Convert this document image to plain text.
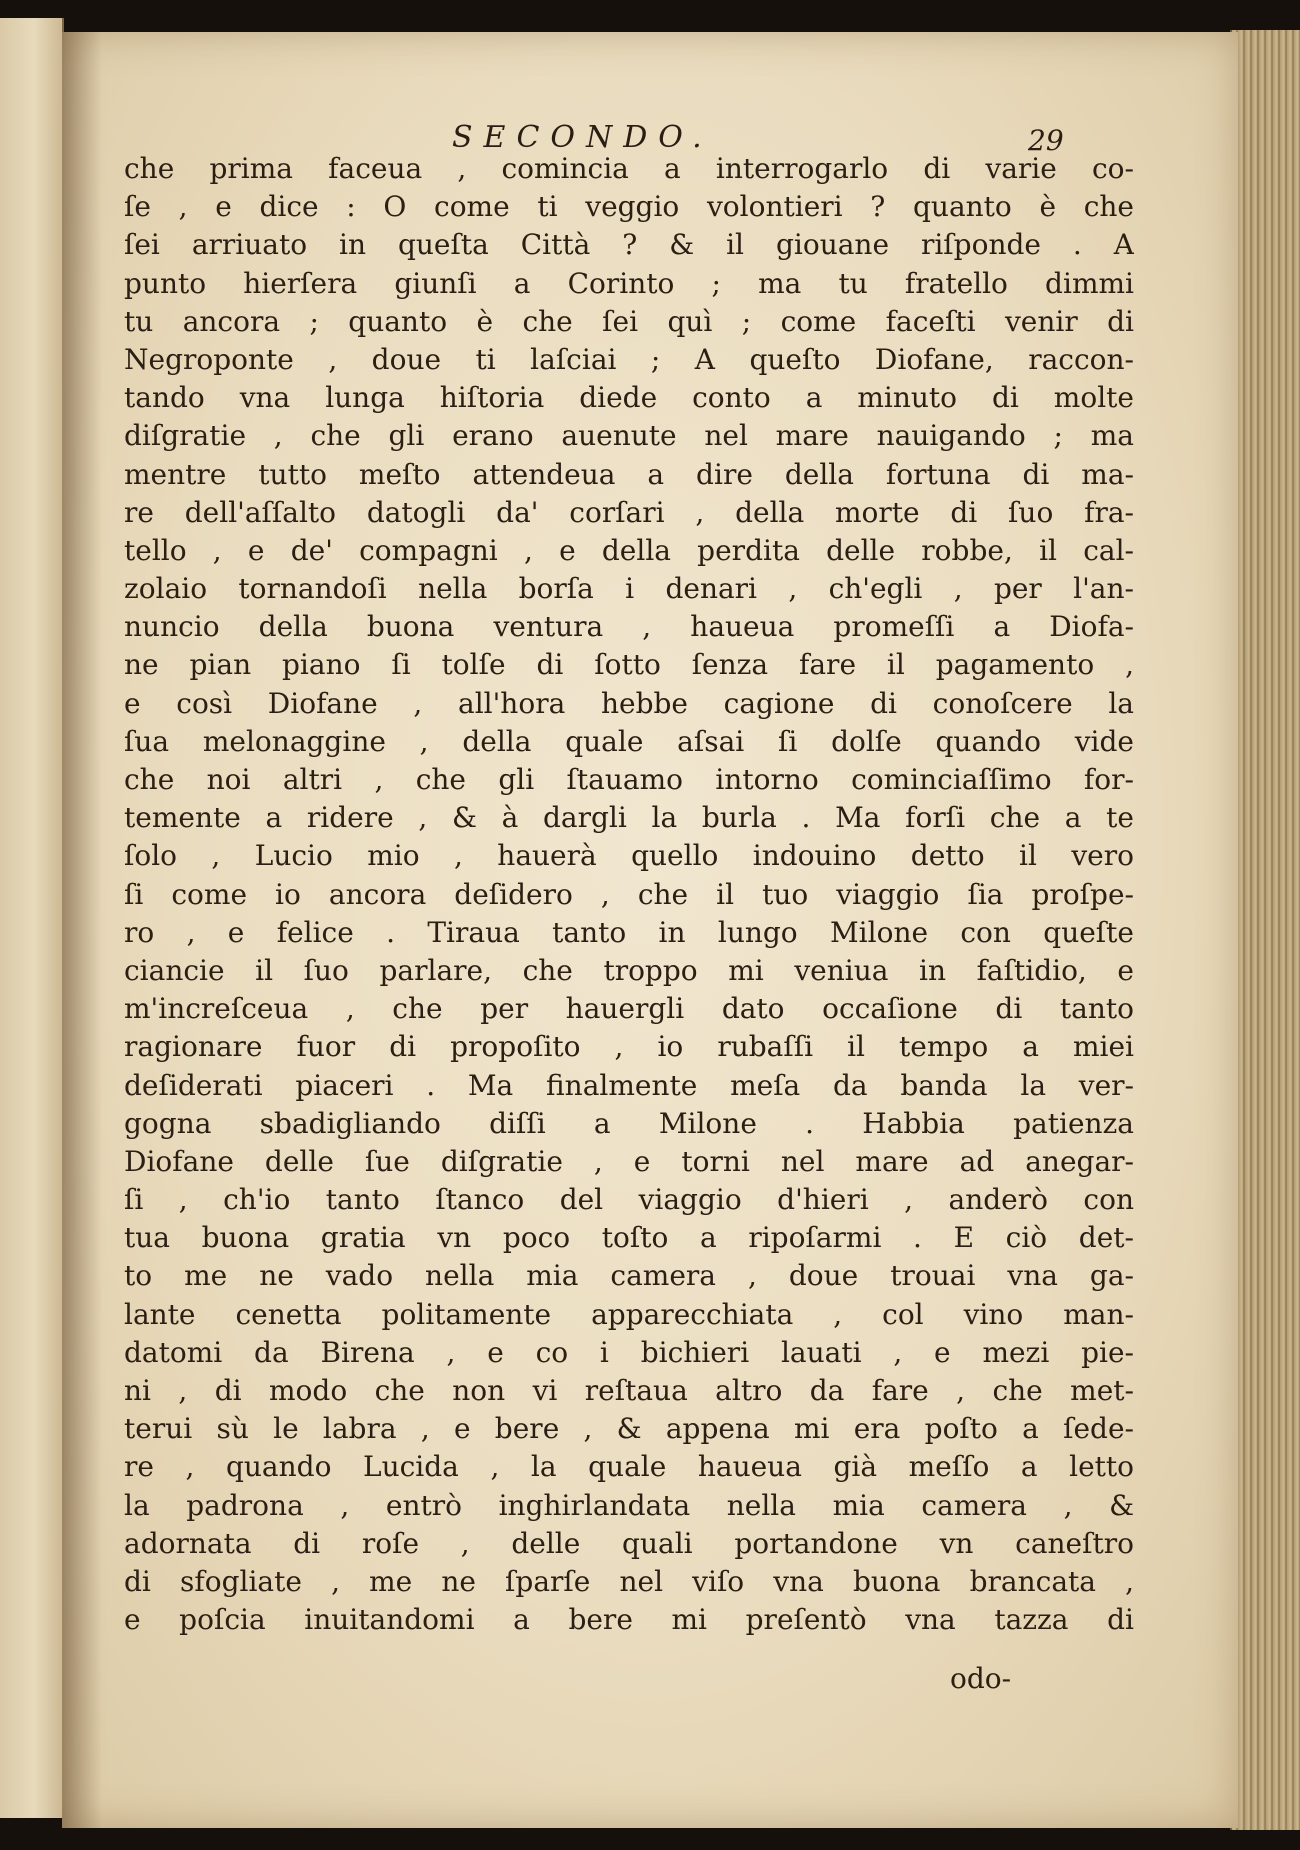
SECONDO.	29
che prima faceua , comincia a interrogarlo di varie co-
ſe , e dice : O come ti veggio volontieri ? quanto è che
ſei arriuato in queſta Città ? & il giouane riſponde . A
punto hierſera giunſi a Corinto ; ma tu fratello dimmi
tu ancora ; quanto è che ſei quì ; come faceſti venir di
Negroponte , doue ti laſciai ; A queſto Diofane, raccon-
tando vna lunga hiſtoria diede conto a minuto di molte
diſgratie , che gli erano auenute nel mare nauigando ; ma
mentre tutto meſto attendeua a dire della fortuna di ma-
re dell'aſſalto datogli da' corſari , della morte di ſuo fra-
tello , e de' compagni , e della perdita delle robbe, il cal-
zolaio tornandoſi nella borſa i denari , ch'egli , per l'an-
nuncio della buona ventura , haueua promeſſi a Diofa-
ne pian piano ſi tolſe di ſotto ſenza fare il pagamento ,
e così Diofane , all'hora hebbe cagione di conoſcere la
ſua melonaggine , della quale aſsai ſi dolſe quando vide
che noi altri , che gli ſtauamo intorno cominciaſſimo for-
temente a ridere , & à dargli la burla . Ma forſi che a te
ſolo , Lucio mio , hauerà quello indouino detto il vero
ſi come io ancora deſidero , che il tuo viaggio ſia proſpe-
ro , e felice . Tiraua tanto in lungo Milone con queſte
ciancie il ſuo parlare, che troppo mi veniua in faſtidio, e
m'increſceua , che per hauergli dato occaſione di tanto
ragionare fuor di propoſito , io rubaſſi il tempo a miei
deſiderati piaceri . Ma finalmente meſa da banda la ver-
gogna sbadigliando diſſi a Milone . Habbia patienza
Diofane delle ſue diſgratie , e torni nel mare ad anegar-
ſi , ch'io tanto ſtanco del viaggio d'hieri , anderò con
tua buona gratia vn poco toſto a ripoſarmi . E ciò det-
to me ne vado nella mia camera , doue trouai vna ga-
lante cenetta politamente apparecchiata , col vino man-
datomi da Birena , e co i bichieri lauati , e mezi pie-
ni , di modo che non vi reſtaua altro da fare , che met-
terui sù le labra , e bere , & appena mi era poſto a ſede-
re , quando Lucida , la quale haueua già meſſo a letto
la padrona , entrò inghirlandata nella mia camera , &
adornata di roſe , delle quali portandone vn caneſtro
di sfogliate , me ne ſparſe nel viſo vna buona brancata ,
e poſcia inuitandomi a bere mi preſentò vna tazza di
odo-
